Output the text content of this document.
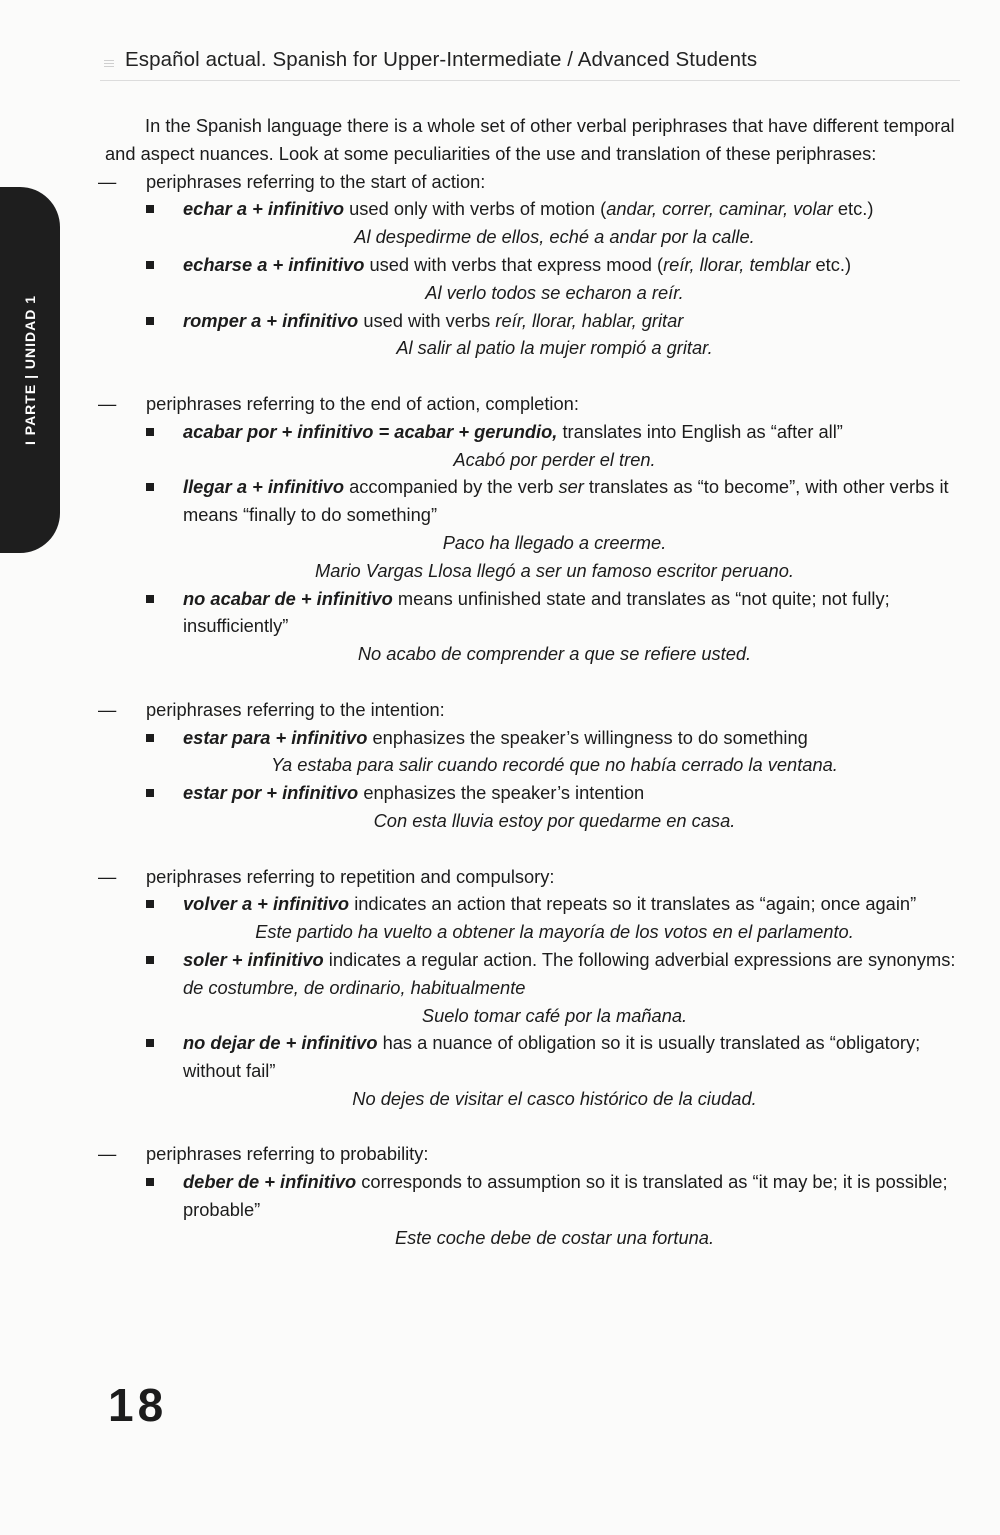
Español actual. Spanish for Upper-Intermediate / Advanced Students
I PARTE | UNIDAD 1

In the Spanish language there is a whole set of other verbal periphrases that have different temporal and aspect nuances. Look at some peculiarities of the use and translation of these periphrases:

— periphrases referring to the start of action:
echar a + infinitivo used only with verbs of motion (andar, correr, caminar, volar etc.)
Al despedirme de ellos, eché a andar por la calle.
echarse a + infinitivo used with verbs that express mood (reír, llorar, temblar etc.)
Al verlo todos se echaron a reír.
romper a + infinitivo used with verbs reír, llorar, hablar, gritar
Al salir al patio la mujer rompió a gritar.
— periphrases referring to the end of action, completion:
acabar por + infinitivo = acabar + gerundio, translates into English as “after all”
Acabó por perder el tren.
llegar a + infinitivo accompanied by the verb ser translates as “to become”, with other verbs it means “finally to do something”
Paco ha llegado a creerme.
Mario Vargas Llosa llegó a ser un famoso escritor peruano.
no acabar de + infinitivo means unfinished state and translates as “not quite; not fully; insufficiently”
No acabo de comprender a que se refiere usted.
— periphrases referring to the intention:
estar para + infinitivo enphasizes the speaker’s willingness to do something
Ya estaba para salir cuando recordé que no había cerrado la ventana.
estar por + infinitivo enphasizes the speaker’s intention
Con esta lluvia estoy por quedarme en casa.
— periphrases referring to repetition and compulsory:
volver a + infinitivo indicates an action that repeats so it translates as “again; once again”
Este partido ha vuelto a obtener la mayoría de los votos en el parlamento.
soler + infinitivo indicates a regular action. The following adverbial expressions are synonyms: de costumbre, de ordinario, habitualmente
Suelo tomar café por la mañana.
no dejar de + infinitivo has a nuance of obligation so it is usually translated as “obligatory; without fail”
No dejes de visitar el casco histórico de la ciudad.
— periphrases referring to probability:
deber de + infinitivo corresponds to assumption so it is translated as “it may be; it is possible; probable”
Este coche debe de costar una fortuna.
18
